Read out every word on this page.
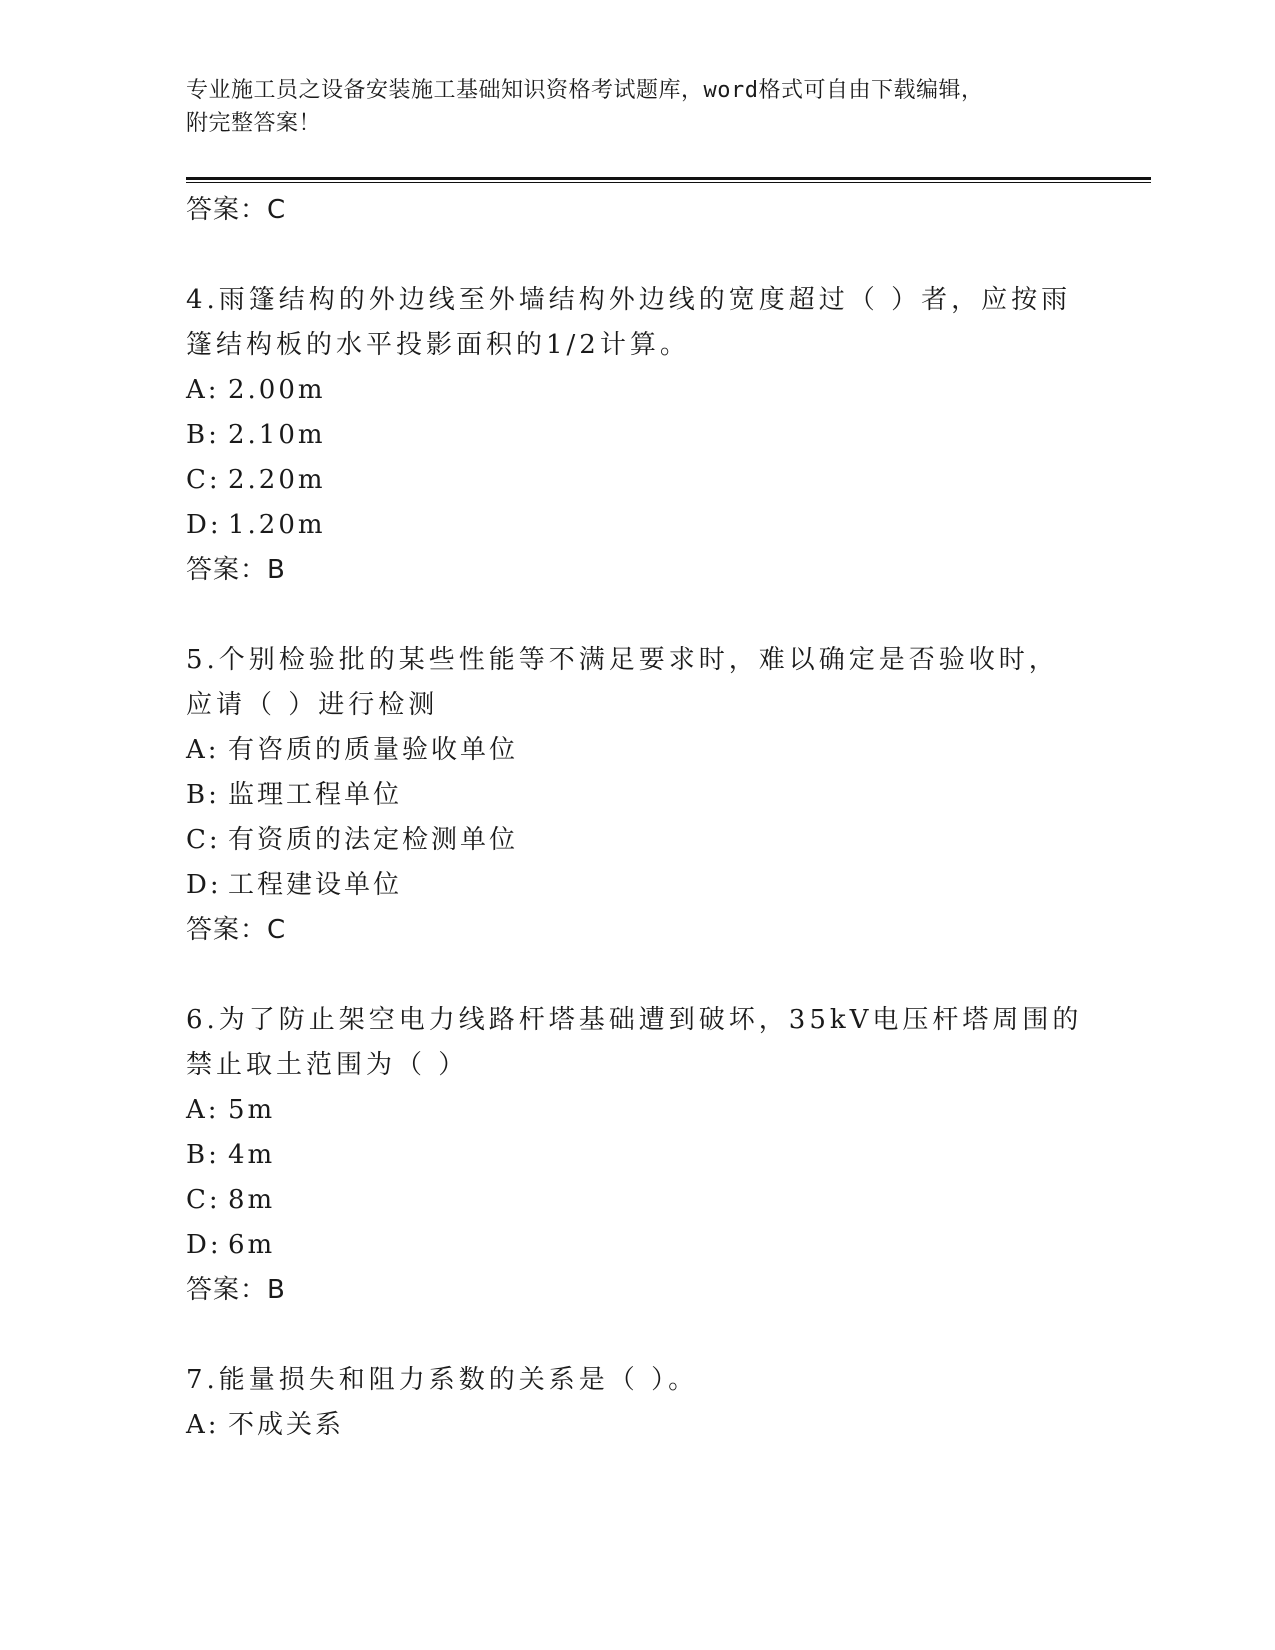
专业施工员之设备安装施工基础知识资格考试题库，word格式可自由下载编辑，
附完整答案！

答案：C

4.雨篷结构的外边线至外墙结构外边线的宽度超过（ ）者，应按雨篷结构板的水平投影面积的1/2计算。

A: 2.00m
B: 2.10m
C: 2.20m
D: 1.20m

答案：B

5.个别检验批的某些性能等不满足要求时，难以确定是否验收时，应请（ ）进行检测

A: 有咨质的质量验收单位
B: 监理工程单位
C: 有资质的法定检测单位
D: 工程建设单位

答案：C

6.为了防止架空电力线路杆塔基础遭到破坏，35kV电压杆塔周围的禁止取土范围为（ ）

A: 5m
B: 4m
C: 8m
D: 6m

答案：B

7.能量损失和阻力系数的关系是（ ）。

A: 不成关系
